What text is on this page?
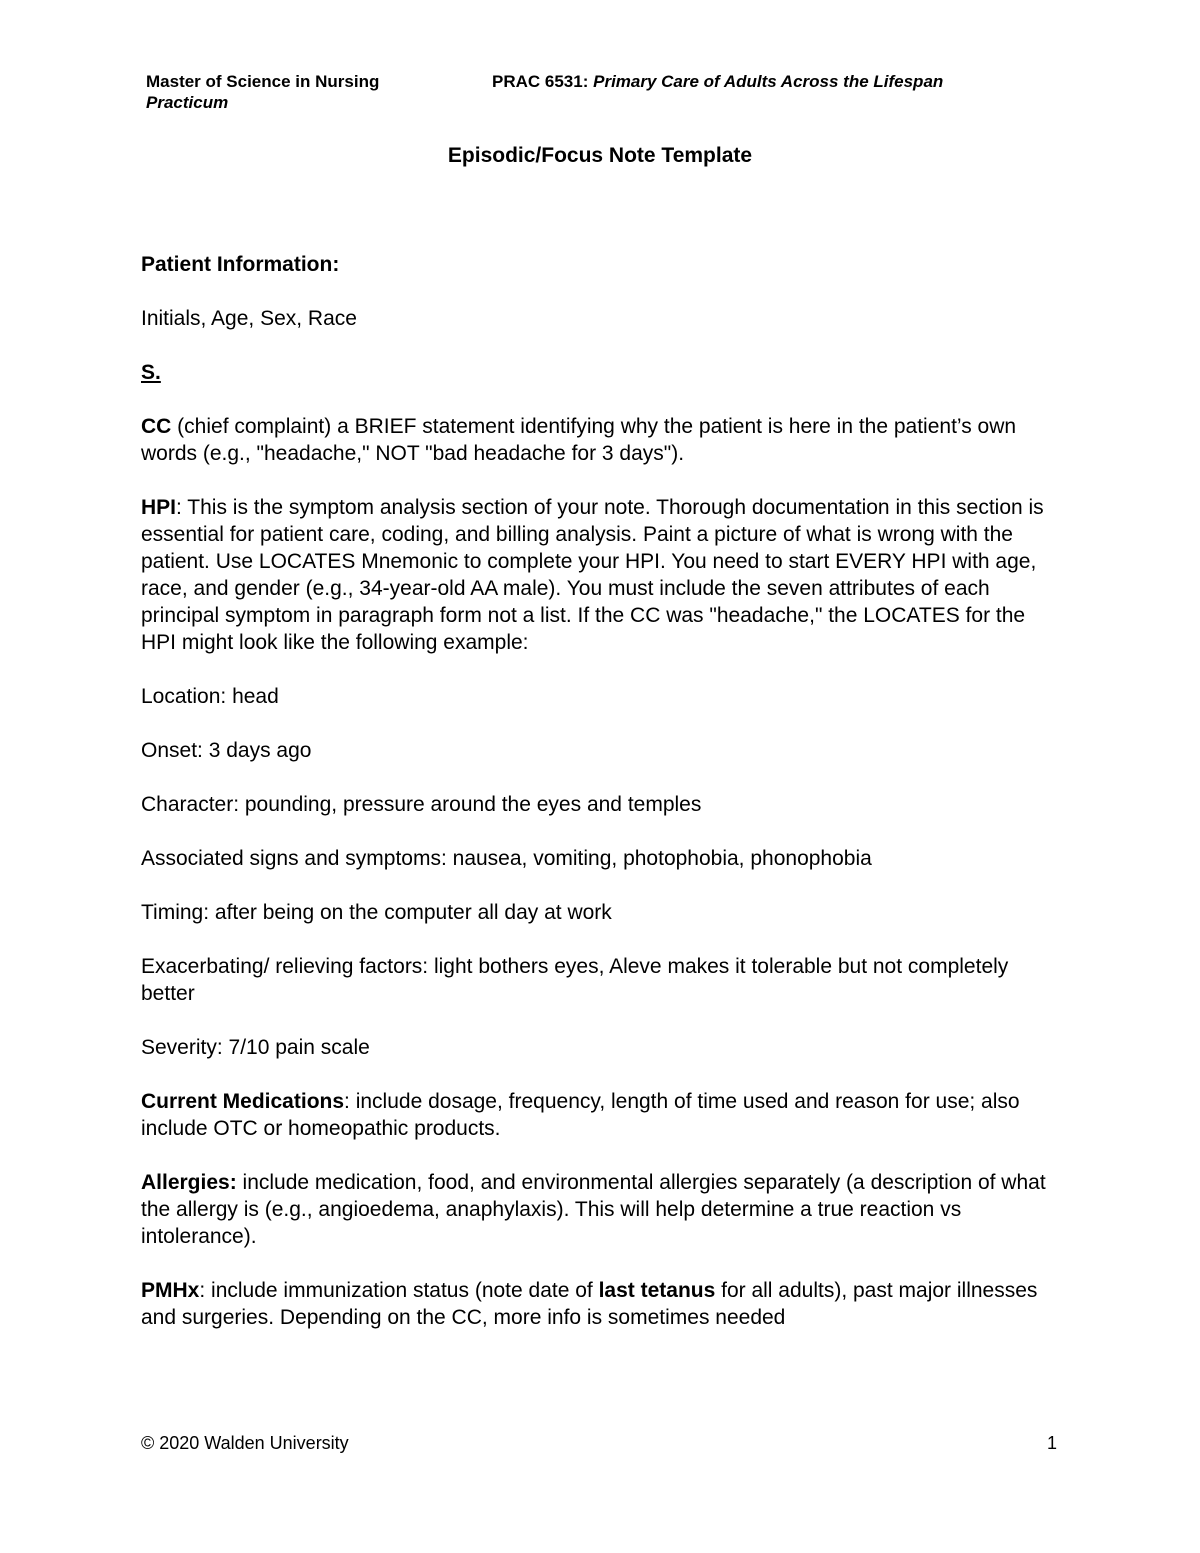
Master of Science in Nursing
Practicum
PRAC 6531: Primary Care of Adults Across the Lifespan
Episodic/Focus Note Template
Patient Information:

Initials, Age, Sex, Race

S.

CC (chief complaint) a BRIEF statement identifying why the patient is here in the patient’s own words (e.g., "headache," NOT "bad headache for 3 days").

HPI: This is the symptom analysis section of your note. Thorough documentation in this section is essential for patient care, coding, and billing analysis. Paint a picture of what is wrong with the patient. Use LOCATES Mnemonic to complete your HPI. You need to start EVERY HPI with age, race, and gender (e.g., 34-year-old AA male). You must include the seven attributes of each principal symptom in paragraph form not a list. If the CC was "headache," the LOCATES for the HPI might look like the following example:

Location: head

Onset: 3 days ago

Character: pounding, pressure around the eyes and temples

Associated signs and symptoms: nausea, vomiting, photophobia, phonophobia

Timing: after being on the computer all day at work

Exacerbating/ relieving factors: light bothers eyes, Aleve makes it tolerable but not completely better

Severity: 7/10 pain scale

Current Medications: include dosage, frequency, length of time used and reason for use; also include OTC or homeopathic products.

Allergies: include medication, food, and environmental allergies separately (a description of what the allergy is (e.g., angioedema, anaphylaxis). This will help determine a true reaction vs intolerance).

PMHx: include immunization status (note date of last tetanus for all adults), past major illnesses and surgeries. Depending on the CC, more info is sometimes needed

© 2020 Walden University	1
